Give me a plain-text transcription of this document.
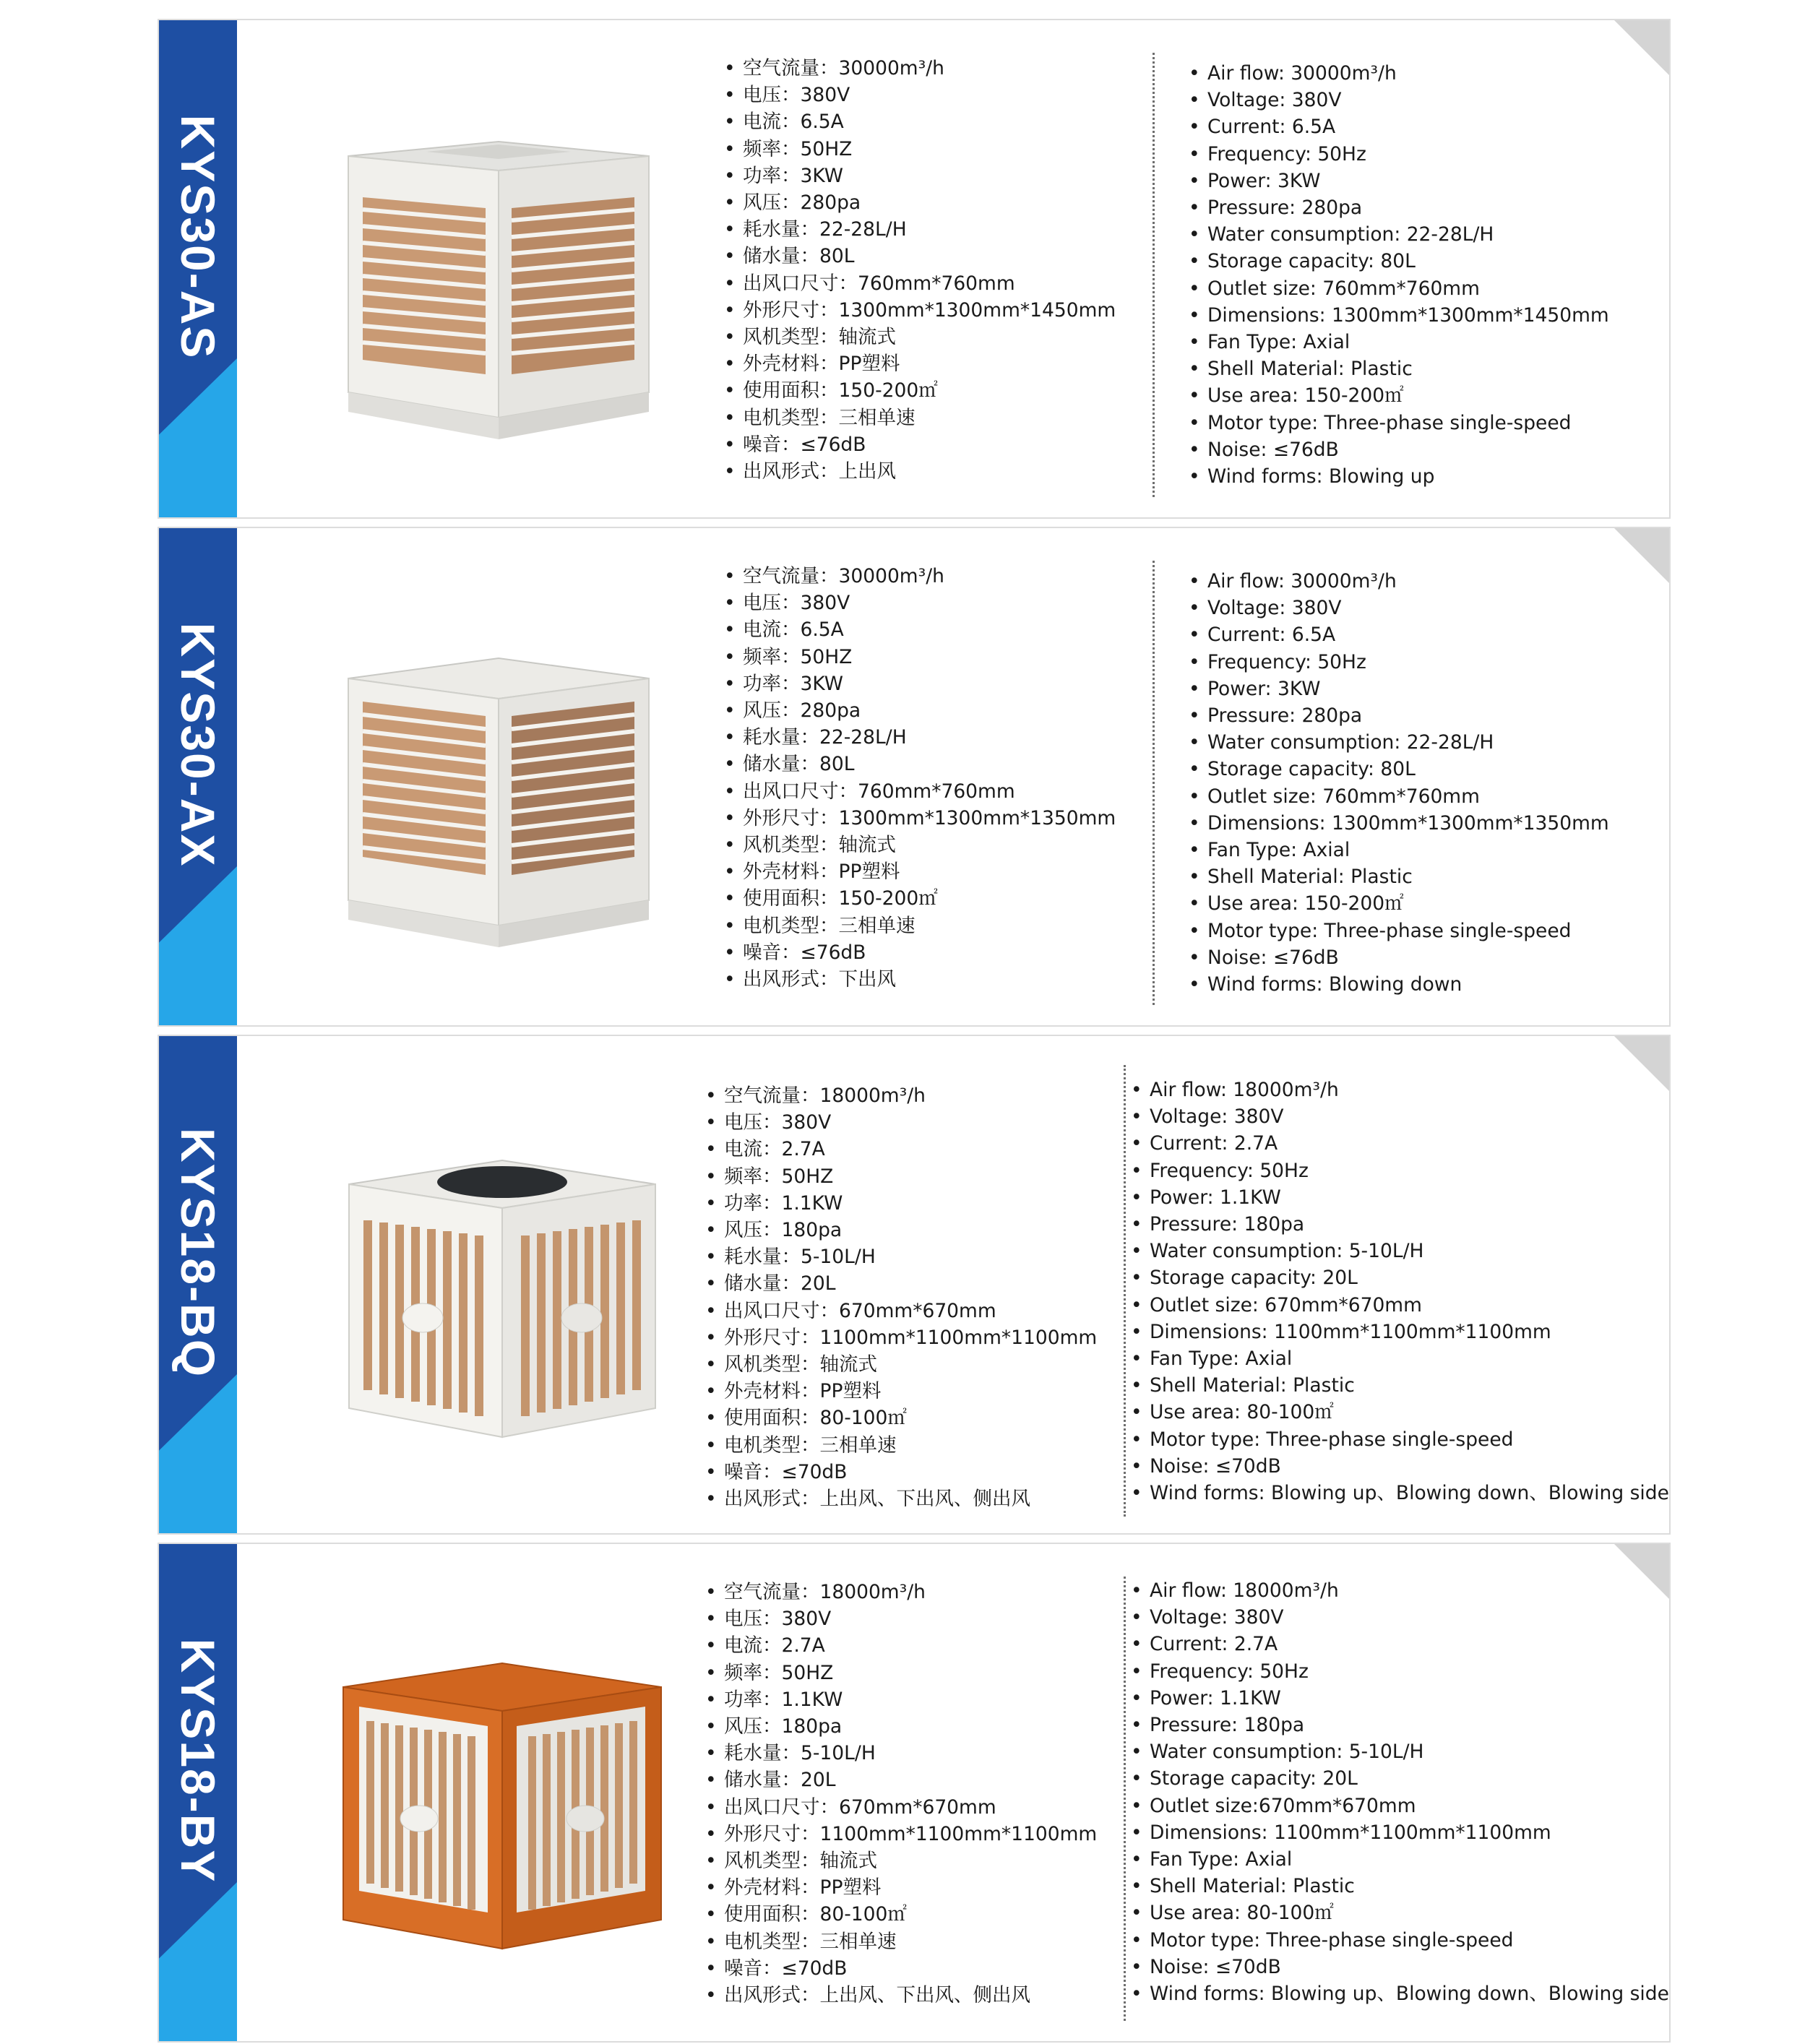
KYS30-AS
• 空气流量：30000m³/h
• 电压：380V
• 电流：6.5A
• 频率：50HZ
• 功率：3KW
• 风压：280pa
• 耗水量：22-28L/H
• 储水量：80L
• 出风口尺寸：760mm*760mm
• 外形尺寸：1300mm*1300mm*1450mm
• 风机类型：轴流式
• 外壳材料：PP塑料
• 使用面积：150-200㎡
• 电机类型：三相单速
• 噪音：≤76dB
• 出风形式：上出风
• Air flow: 30000m³/h
• Voltage: 380V
• Current: 6.5A
• Frequency: 50Hz
• Power: 3KW
• Pressure: 280pa
• Water consumption: 22-28L/H
• Storage capacity: 80L
• Outlet size: 760mm*760mm
• Dimensions: 1300mm*1300mm*1450mm
• Fan Type: Axial
• Shell Material: Plastic
• Use area: 150-200㎡
• Motor type: Three-phase single-speed
• Noise: ≤76dB
• Wind forms: Blowing up
KYS30-AX
• 空气流量：30000m³/h
• 电压：380V
• 电流：6.5A
• 频率：50HZ
• 功率：3KW
• 风压：280pa
• 耗水量：22-28L/H
• 储水量：80L
• 出风口尺寸：760mm*760mm
• 外形尺寸：1300mm*1300mm*1350mm
• 风机类型：轴流式
• 外壳材料：PP塑料
• 使用面积：150-200㎡
• 电机类型：三相单速
• 噪音：≤76dB
• 出风形式：下出风
• Air flow: 30000m³/h
• Voltage: 380V
• Current: 6.5A
• Frequency: 50Hz
• Power: 3KW
• Pressure: 280pa
• Water consumption: 22-28L/H
• Storage capacity: 80L
• Outlet size: 760mm*760mm
• Dimensions: 1300mm*1300mm*1350mm
• Fan Type: Axial
• Shell Material: Plastic
• Use area: 150-200㎡
• Motor type: Three-phase single-speed
• Noise: ≤76dB
• Wind forms: Blowing down
KYS18-BQ
• 空气流量：18000m³/h
• 电压：380V
• 电流：2.7A
• 频率：50HZ
• 功率：1.1KW
• 风压：180pa
• 耗水量：5-10L/H
• 储水量：20L
• 出风口尺寸：670mm*670mm
• 外形尺寸：1100mm*1100mm*1100mm
• 风机类型：轴流式
• 外壳材料：PP塑料
• 使用面积：80-100㎡
• 电机类型：三相单速
• 噪音：≤70dB
• 出风形式：上出风、下出风、侧出风
• Air flow: 18000m³/h
• Voltage: 380V
• Current: 2.7A
• Frequency: 50Hz
• Power: 1.1KW
• Pressure: 180pa
• Water consumption: 5-10L/H
• Storage capacity: 20L
• Outlet size: 670mm*670mm
• Dimensions: 1100mm*1100mm*1100mm
• Fan Type: Axial
• Shell Material: Plastic
• Use area: 80-100㎡
• Motor type: Three-phase single-speed
• Noise: ≤70dB
• Wind forms: Blowing up、Blowing down、Blowing side
KYS18-BY
• 空气流量：18000m³/h
• 电压：380V
• 电流：2.7A
• 频率：50HZ
• 功率：1.1KW
• 风压：180pa
• 耗水量：5-10L/H
• 储水量：20L
• 出风口尺寸：670mm*670mm
• 外形尺寸：1100mm*1100mm*1100mm
• 风机类型：轴流式
• 外壳材料：PP塑料
• 使用面积：80-100㎡
• 电机类型：三相单速
• 噪音：≤70dB
• 出风形式：上出风、下出风、侧出风
• Air flow: 18000m³/h
• Voltage: 380V
• Current: 2.7A
• Frequency: 50Hz
• Power: 1.1KW
• Pressure: 180pa
• Water consumption: 5-10L/H
• Storage capacity: 20L
• Outlet size:670mm*670mm
• Dimensions: 1100mm*1100mm*1100mm
• Fan Type: Axial
• Shell Material: Plastic
• Use area: 80-100㎡
• Motor type: Three-phase single-speed
• Noise: ≤70dB
• Wind forms: Blowing up、Blowing down、Blowing side
